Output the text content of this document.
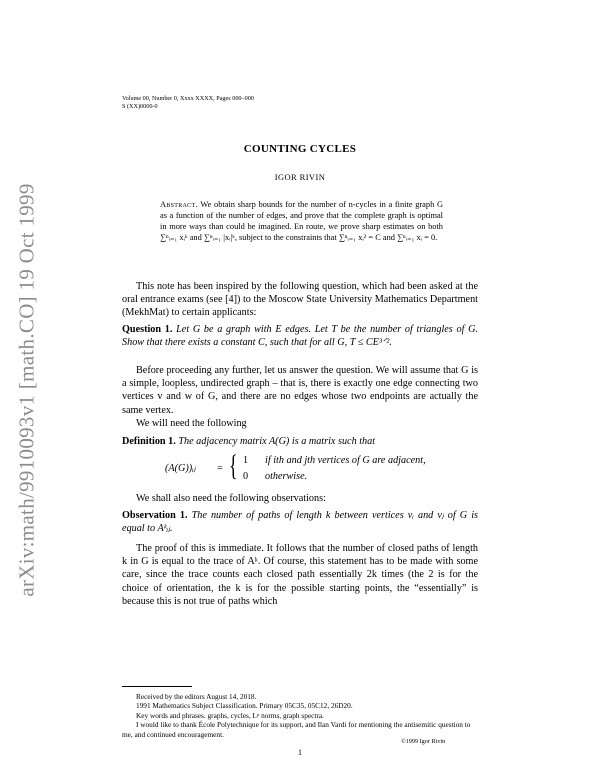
arXiv:math/9910093v1 [math.CO] 19 Oct 1999
Volume 00, Number 0, Xxxx XXXX, Pages 000–000
S (XX)0000-0
COUNTING CYCLES
IGOR RIVIN
Abstract. We obtain sharp bounds for the number of n-cycles in a finite graph G as a function of the number of edges, and prove that the complete graph is optimal in more ways than could be imagined. En route, we prove sharp estimates on both ∑ⁿᵢ₌₁ xᵢᵏ and ∑ⁿᵢ₌₁ |xᵢ|ᵏ, subject to the constraints that ∑ⁿᵢ₌₁ xᵢ² = C and ∑ⁿᵢ₌₁ xᵢ = 0.
This note has been inspired by the following question, which had been asked at the oral entrance exams (see [4]) to the Moscow State University Mathematics Department (MekhMat) to certain applicants:
Question 1. Let G be a graph with E edges. Let T be the number of triangles of G. Show that there exists a constant C, such that for all G, T ≤ CE³ᐟ².
Before proceeding any further, let us answer the question. We will assume that G is a simple, loopless, undirected graph – that is, there is exactly one edge connecting two vertices v and w of G, and there are no edges whose two endpoints are actually the same vertex.
We will need the following
Definition 1. The adjacency matrix A(G) is a matrix such that
(A(G))ᵢⱼ = { 1 if ith and jth vertices of G are adjacent,
0 otherwise.
We shall also need the following observations:
Observation 1. The number of paths of length k between vertices vᵢ and vⱼ of G is equal to Aᵏᵢⱼ.
The proof of this is immediate. It follows that the number of closed paths of length k in G is equal to the trace of Aᵏ. Of course, this statement has to be made with some care, since the trace counts each closed path essentially 2k times (the 2 is for the choice of orientation, the k is for the possible starting points, the “essentially” is because this is not true of paths which

Received by the editors August 14, 2018.

1991 Mathematics Subject Classification. Primary 05C35, 05C12, 26D20.

Key words and phrases. graphs, cycles, Lᵖ norms, graph spectra.

I would like to thank École Polytechnique for its support, and Ilan Vardi for mentioning the antisemitic question to me, and continued encouragement.

©1999 Igor Rivin
1
